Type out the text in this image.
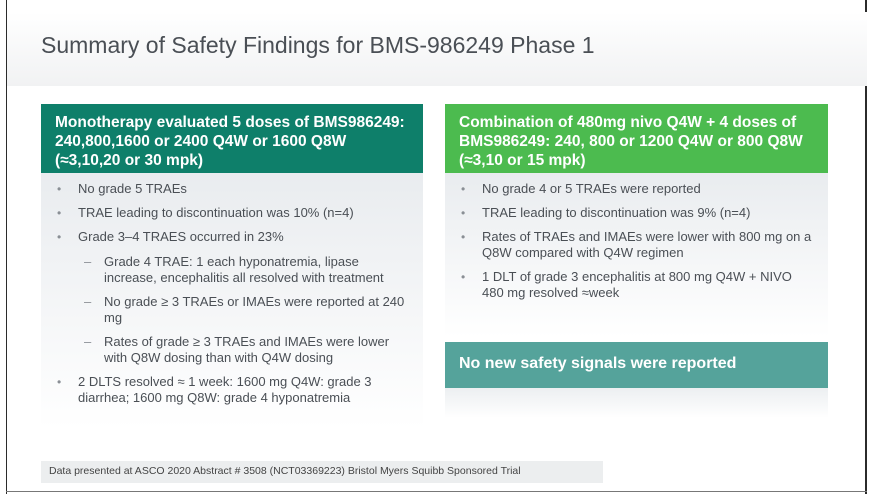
Summary of Safety Findings for BMS-986249 Phase 1
Monotherapy evaluated 5 doses of BMS986249: 240,800,1600 or 2400 Q4W or 1600 Q8W (≈3,10,20 or 30 mpk)
• No grade 5 TRAEs
• TRAE leading to discontinuation was 10% (n=4)
• Grade 3–4 TRAES occurred in 23%
– Grade 4 TRAE: 1 each hyponatremia, lipase increase, encephalitis all resolved with treatment
– No grade ≥ 3 TRAEs or IMAEs were reported at 240 mg
– Rates of grade ≥ 3 TRAEs and IMAEs were lower with Q8W dosing than with Q4W dosing
• 2 DLTS resolved ≈ 1 week: 1600 mg Q4W: grade 3 diarrhea; 1600 mg Q8W: grade 4 hyponatremia
Combination of 480mg nivo Q4W + 4 doses of BMS986249: 240, 800 or 1200 Q4W or 800 Q8W (≈3,10 or 15 mpk)
• No grade 4 or 5 TRAEs were reported
• TRAE leading to discontinuation was 9% (n=4)
• Rates of TRAEs and IMAEs were lower with 800 mg on a Q8W compared with Q4W regimen
• 1 DLT of grade 3 encephalitis at 800 mg Q4W + NIVO 480 mg resolved ≈week
No new safety signals were reported
Data presented at ASCO 2020 Abstract # 3508 (NCT03369223) Bristol Myers Squibb Sponsored Trial
